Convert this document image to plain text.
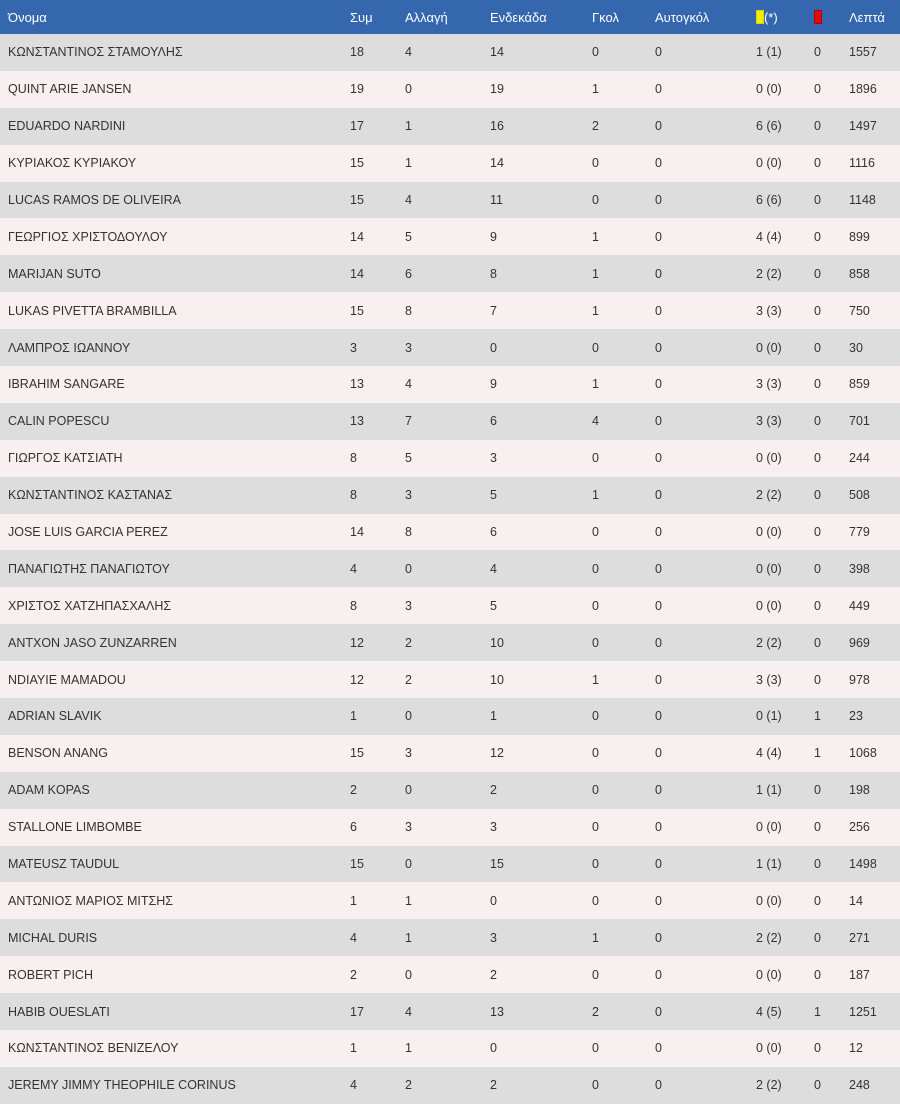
Όνομα	Συμ	Αλλαγή	Ενδεκάδα	Γκολ	Αυτογκόλ	(*)		Λεπτά
ΚΩΝΣΤΑΝΤΙΝΟΣ ΣΤΑΜΟΥΛΗΣ	18	4	14	0	0	1 (1)	0	1557
QUINT ARIE JANSEN	19	0	19	1	0	0 (0)	0	1896
EDUARDO NARDINI	17	1	16	2	0	6 (6)	0	1497
ΚΥΡΙΑΚΟΣ ΚΥΡΙΑΚΟΥ	15	1	14	0	0	0 (0)	0	1116
LUCAS RAMOS DE OLIVEIRA	15	4	11	0	0	6 (6)	0	1148
ΓΕΩΡΓΙΟΣ ΧΡΙΣΤΟΔΟΥΛΟΥ	14	5	9	1	0	4 (4)	0	899
MARIJAN SUTO	14	6	8	1	0	2 (2)	0	858
LUKAS PIVETTA BRAMBILLA	15	8	7	1	0	3 (3)	0	750
ΛΑΜΠΡΟΣ ΙΩΑΝΝΟΥ	3	3	0	0	0	0 (0)	0	30
IBRAHIM SANGARE	13	4	9	1	0	3 (3)	0	859
CALIN POPESCU	13	7	6	4	0	3 (3)	0	701
ΓΙΩΡΓΟΣ ΚΑΤΣΙΑΤΗ	8	5	3	0	0	0 (0)	0	244
ΚΩΝΣΤΑΝΤΙΝΟΣ ΚΑΣΤΑΝΑΣ	8	3	5	1	0	2 (2)	0	508
JOSE LUIS GARCIA PEREZ	14	8	6	0	0	0 (0)	0	779
ΠΑΝΑΓΙΩΤΗΣ ΠΑΝΑΓΙΩΤΟΥ	4	0	4	0	0	0 (0)	0	398
ΧΡΙΣΤΟΣ ΧΑΤΖΗΠΑΣΧΑΛΗΣ	8	3	5	0	0	0 (0)	0	449
ANTXON JASO ZUNZARREN	12	2	10	0	0	2 (2)	0	969
NDIAYIE MAMADOU	12	2	10	1	0	3 (3)	0	978
ADRIAN SLAVIK	1	0	1	0	0	0 (1)	1	23
BENSON ANANG	15	3	12	0	0	4 (4)	1	1068
ADAM KOPAS	2	0	2	0	0	1 (1)	0	198
STALLONE LIMBOMBE	6	3	3	0	0	0 (0)	0	256
MATEUSZ TAUDUL	15	0	15	0	0	1 (1)	0	1498
ΑΝΤΩΝΙΟΣ ΜΑΡΙΟΣ ΜΙΤΣΗΣ	1	1	0	0	0	0 (0)	0	14
MICHAL DURIS	4	1	3	1	0	2 (2)	0	271
ROBERT PICH	2	0	2	0	0	0 (0)	0	187
HABIB OUESLATI	17	4	13	2	0	4 (5)	1	1251
ΚΩΝΣΤΑΝΤΙΝΟΣ ΒΕΝΙΖΕΛΟΥ	1	1	0	0	0	0 (0)	0	12
JEREMY JIMMY THEOPHILE CORINUS	4	2	2	0	0	2 (2)	0	248
